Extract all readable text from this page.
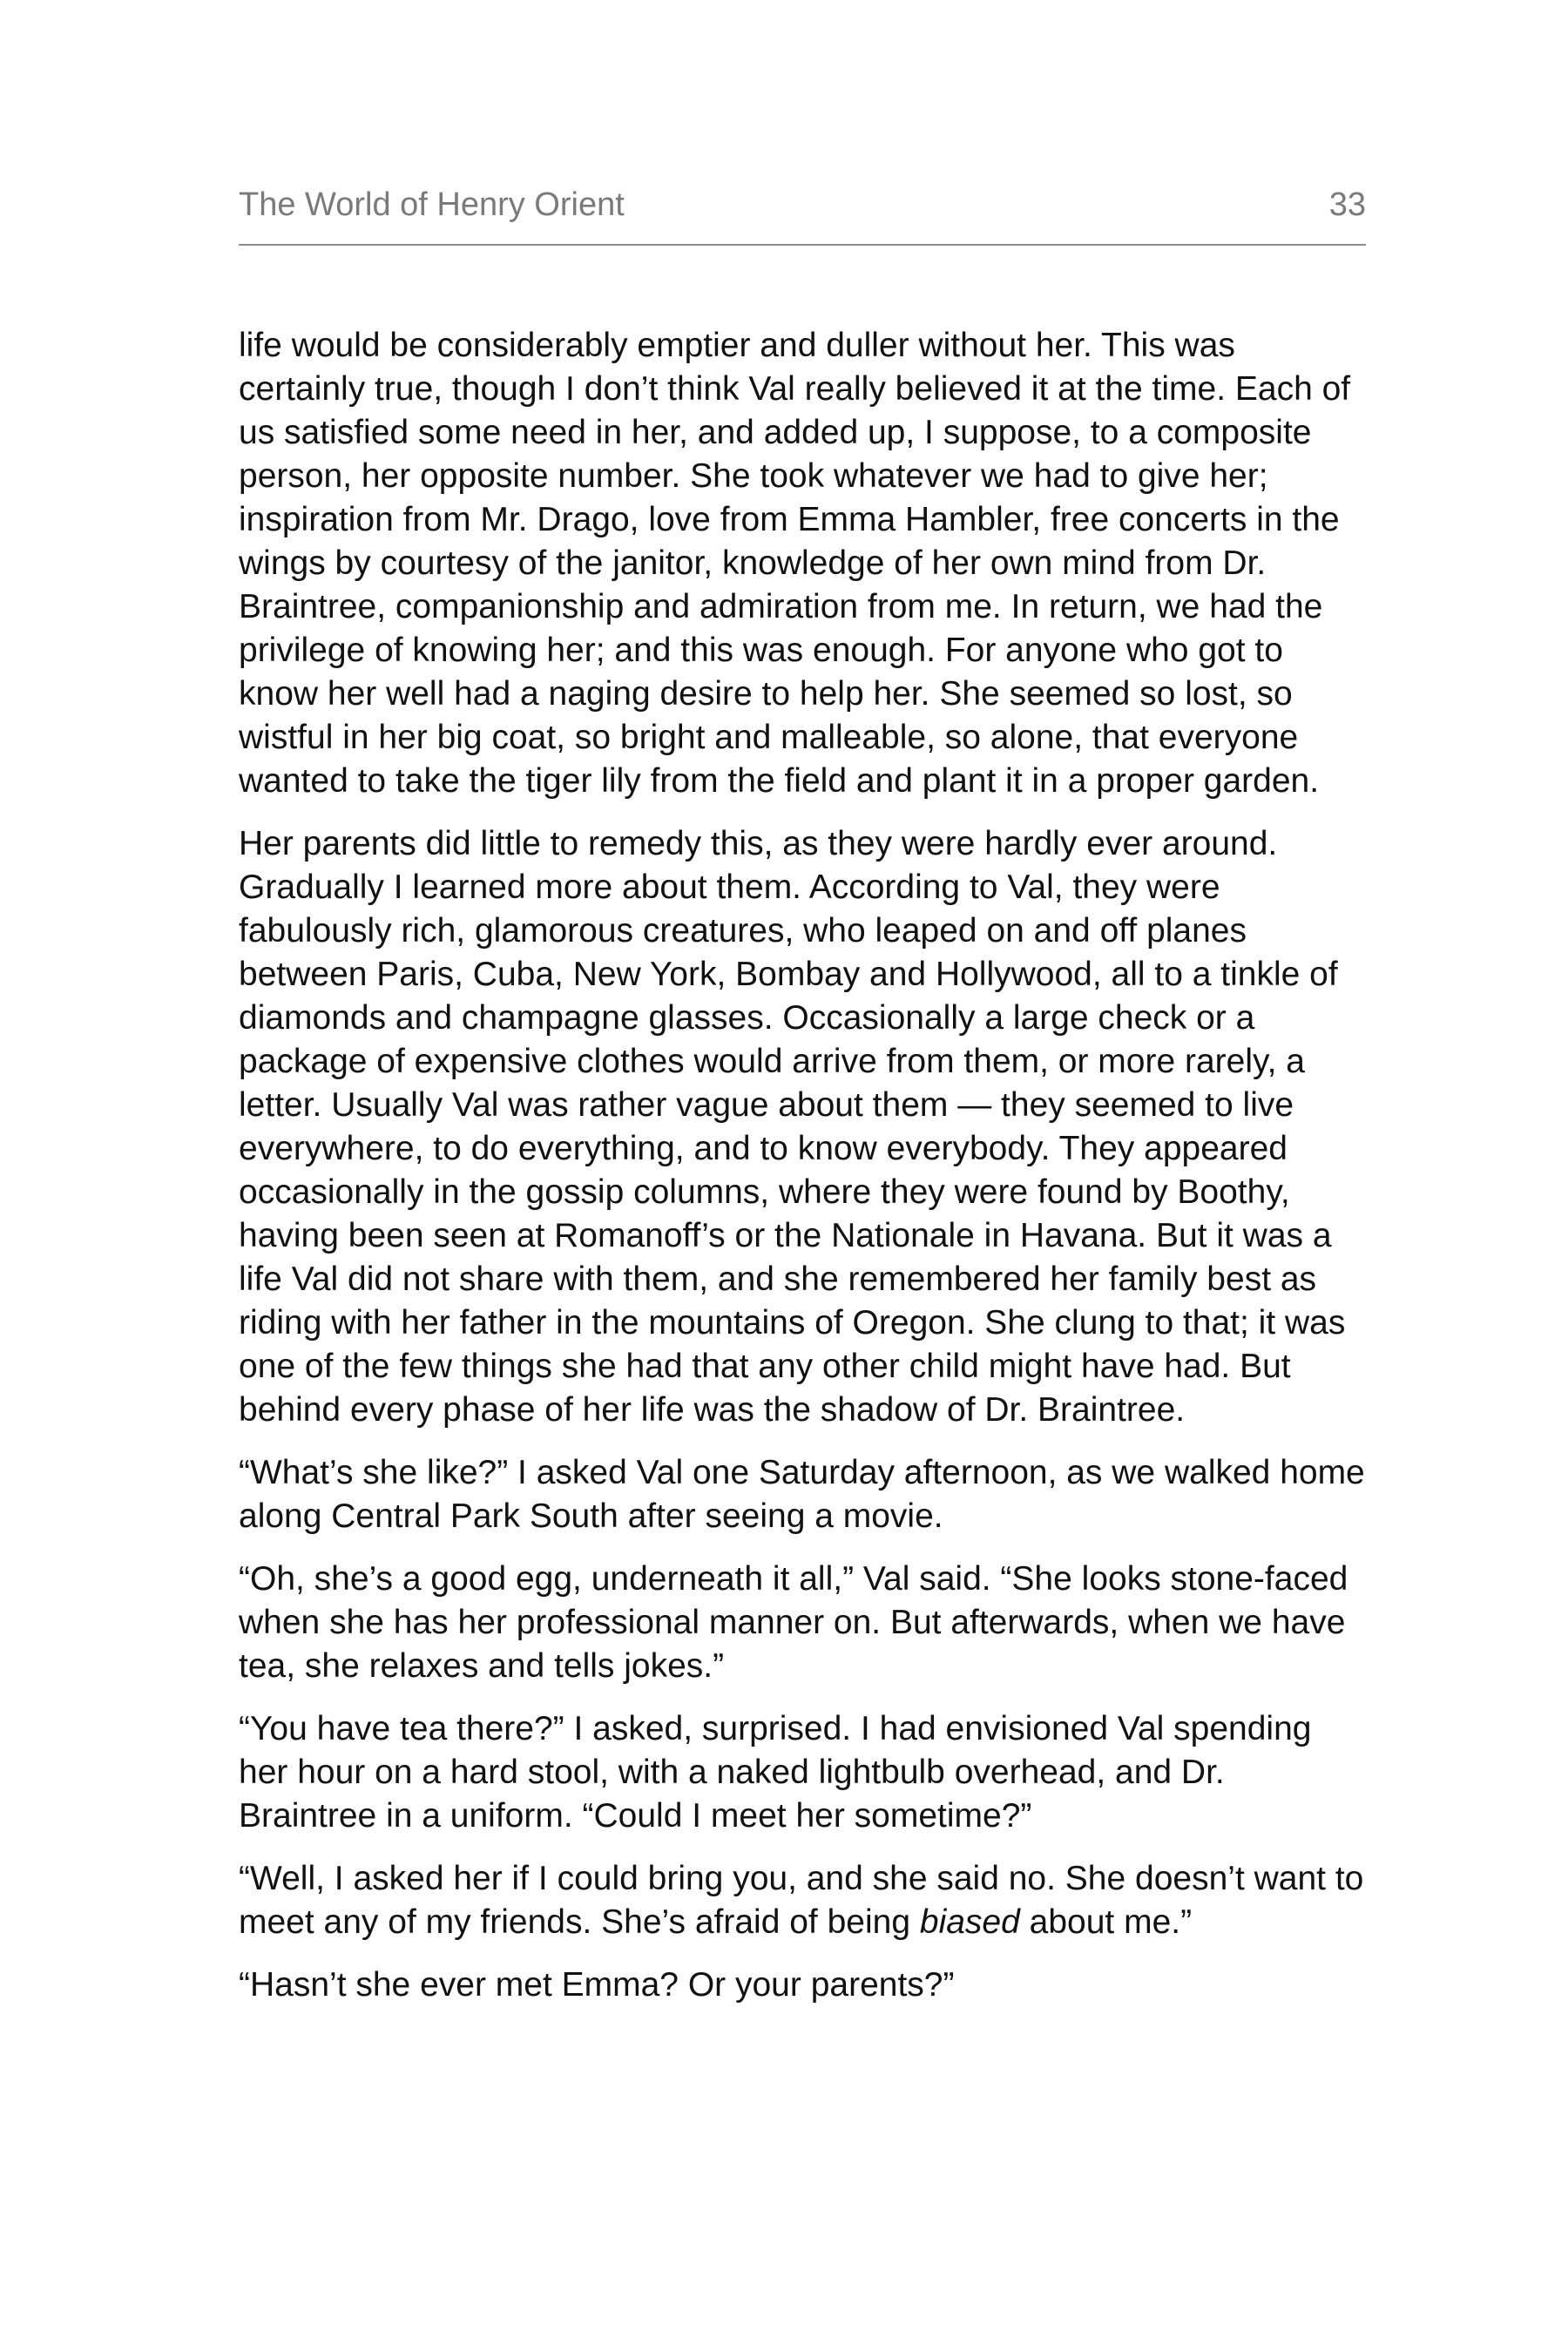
The World of Henry Orient	33

life would be considerably emptier and duller without her. This was certainly true, though I don’t think Val really believed it at the time. Each of us satisfied some need in her, and added up, I suppose, to a composite person, her opposite number. She took whatever we had to give her; inspiration from Mr. Drago, love from Emma Hambler, free concerts in the wings by courtesy of the janitor, knowledge of her own mind from Dr. Braintree, companionship and admiration from me. In return, we had the privilege of knowing her; and this was enough. For anyone who got to know her well had a naging desire to help her. She seemed so lost, so wistful in her big coat, so bright and malleable, so alone, that everyone wanted to take the tiger lily from the field and plant it in a proper garden.

Her parents did little to remedy this, as they were hardly ever around. Gradually I learned more about them. According to Val, they were fabulously rich, glamorous creatures, who leaped on and off planes between Paris, Cuba, New York, Bombay and Hollywood, all to a tinkle of diamonds and champagne glasses. Occasionally a large check or a package of expensive clothes would arrive from them, or more rarely, a letter. Usually Val was rather vague about them — they seemed to live everywhere, to do everything, and to know everybody. They appeared occasionally in the gossip columns, where they were found by Boothy, having been seen at Romanoff’s or the Nationale in Havana. But it was a life Val did not share with them, and she remembered her family best as riding with her father in the mountains of Oregon. She clung to that; it was one of the few things she had that any other child might have had. But behind every phase of her life was the shadow of Dr. Braintree.

“What’s she like?” I asked Val one Saturday afternoon, as we walked home along Central Park South after seeing a movie.

“Oh, she’s a good egg, underneath it all,” Val said. “She looks stone-faced when she has her professional manner on. But afterwards, when we have tea, she relaxes and tells jokes.”

“You have tea there?” I asked, surprised. I had envisioned Val spending her hour on a hard stool, with a naked lightbulb overhead, and Dr. Braintree in a uniform. “Could I meet her sometime?”

“Well, I asked her if I could bring you, and she said no. She doesn’t want to meet any of my friends. She’s afraid of being biased about me.”

“Hasn’t she ever met Emma? Or your parents?”
